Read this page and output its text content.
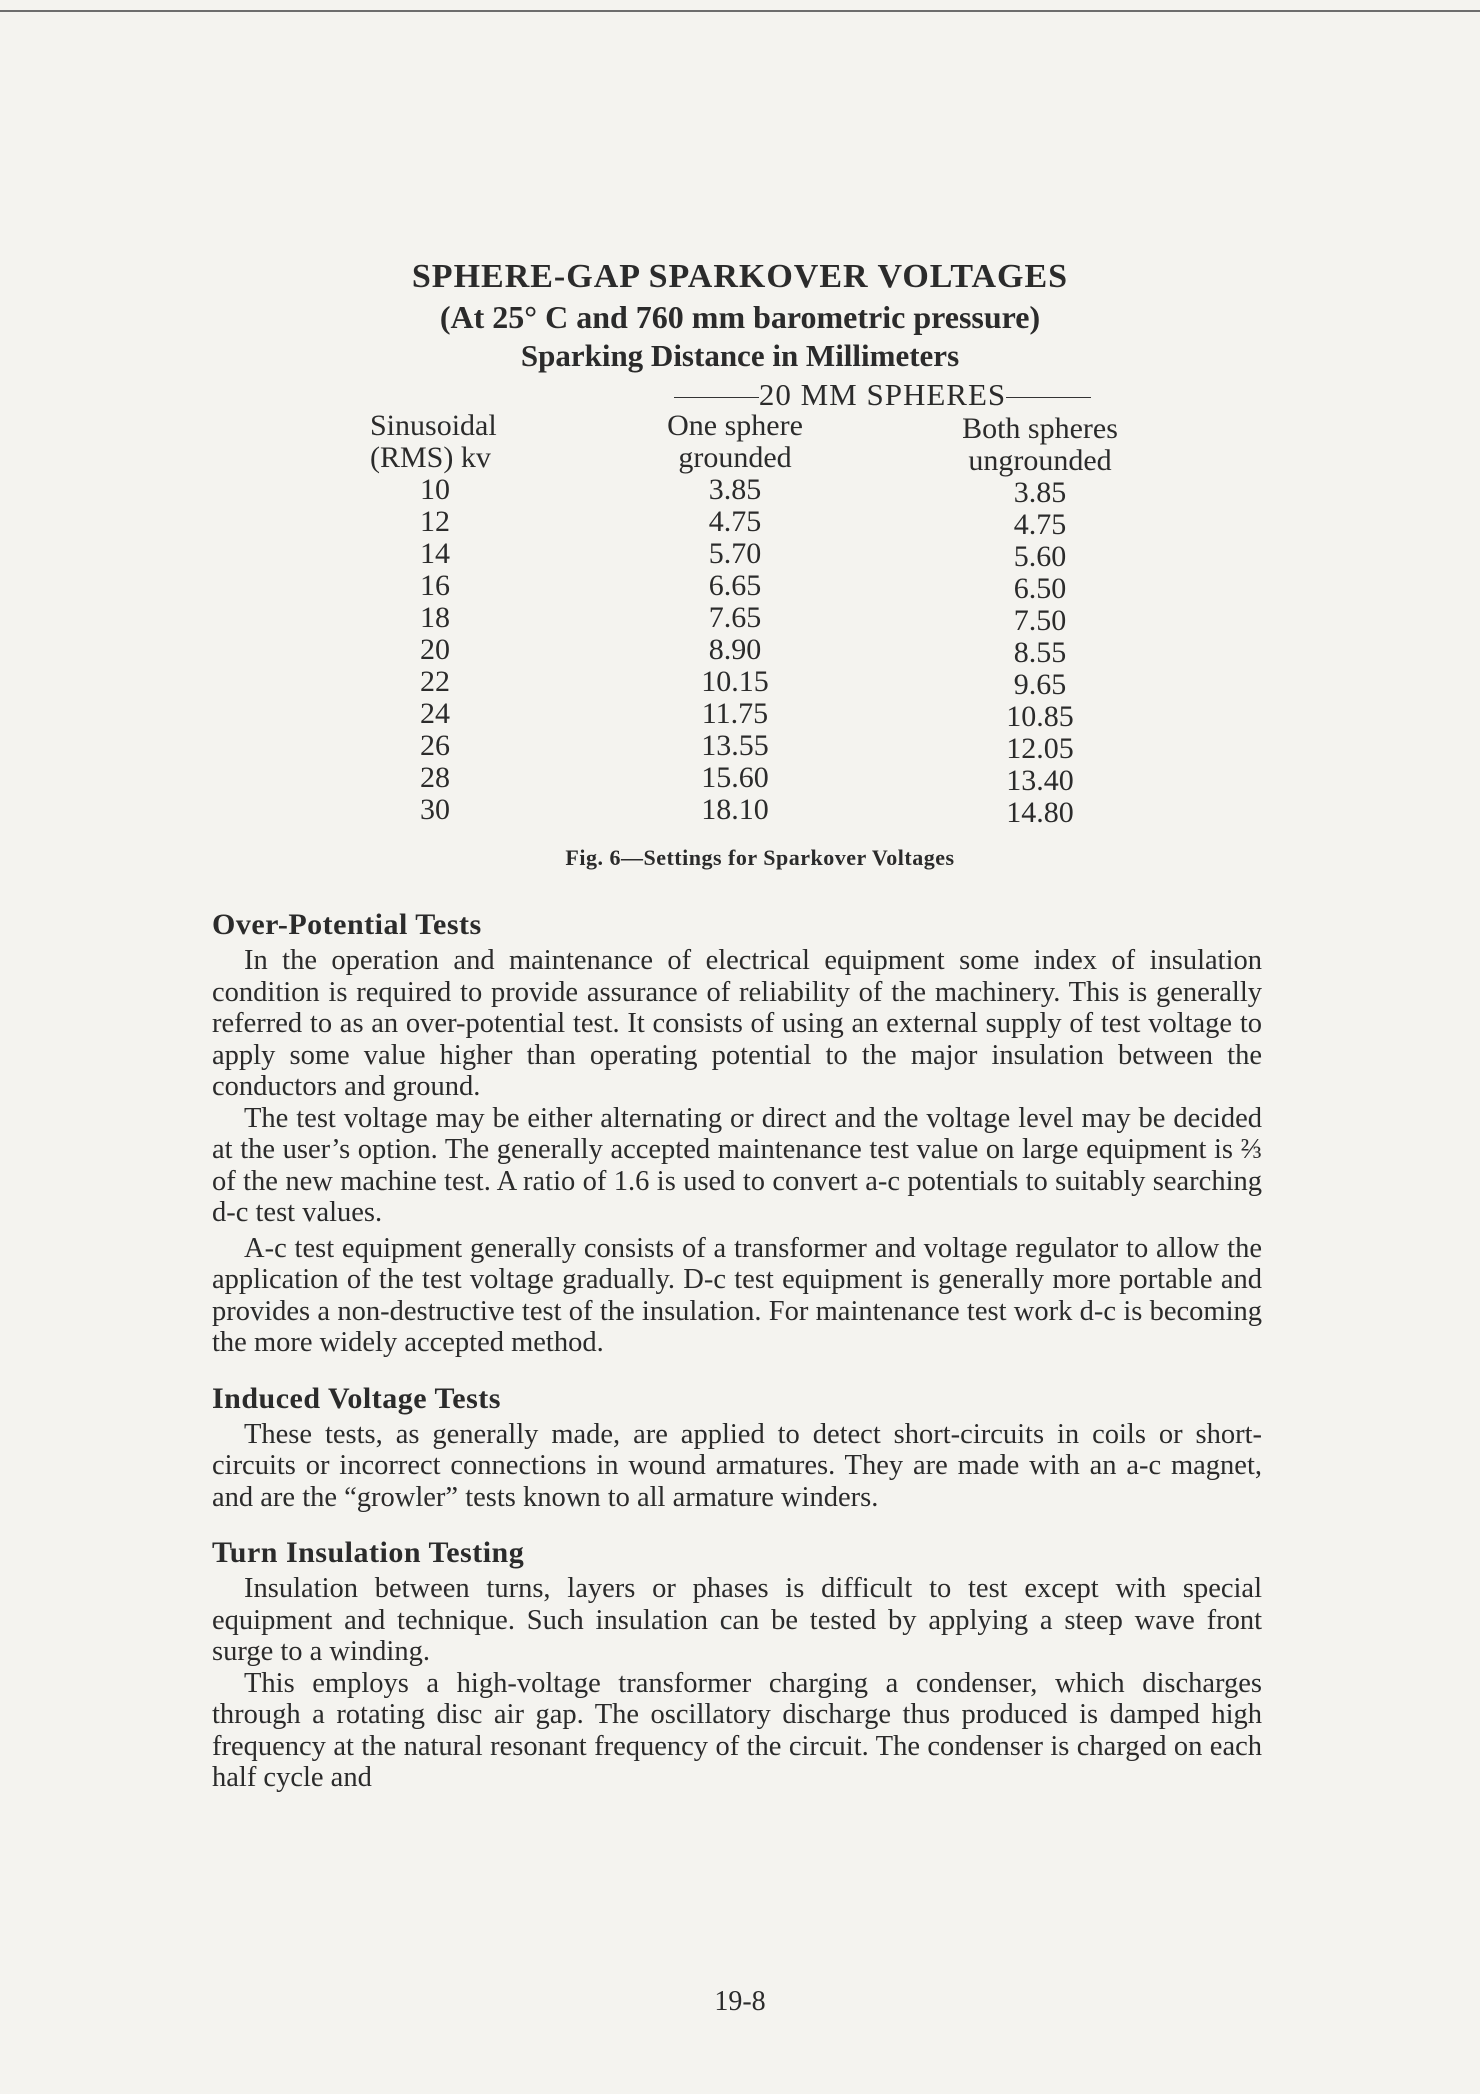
SPHERE-GAP SPARKOVER VOLTAGES
(At 25° C and 760 mm barometric pressure)
Sparking Distance in Millimeters
20 MM SPHERES
Sinusoidal
(RMS) kv
10
12
14
16
18
20
22
24
26
28
30
One sphere
grounded
3.85
4.75
5.70
6.65
7.65
8.90
10.15
11.75
13.55
15.60
18.10
Both spheres
ungrounded
3.85
4.75
5.60
6.50
7.50
8.55
9.65
10.85
12.05
13.40
14.80
Fig. 6—Settings for Sparkover Voltages
Over-Potential Tests

In the operation and maintenance of electrical equipment some index of insulation condition is required to provide assurance of reliability of the machinery. This is generally referred to as an over-potential test. It consists of using an external supply of test voltage to apply some value higher than operating potential to the major insulation between the conductors and ground.

The test voltage may be either alternating or direct and the voltage level may be decided at the user’s option. The generally accepted maintenance test value on large equipment is ⅔ of the new machine test. A ratio of 1.6 is used to convert a-c potentials to suitably searching d-c test values.

A-c test equipment generally consists of a transformer and voltage regulator to allow the application of the test voltage gradually. D-c test equipment is generally more portable and provides a non-destructive test of the insulation. For maintenance test work d-c is becoming the more widely accepted method.

Induced Voltage Tests

These tests, as generally made, are applied to detect short-circuits in coils or short-circuits or incorrect connections in wound armatures. They are made with an a-c magnet, and are the “growler” tests known to all armature winders.

Turn Insulation Testing

Insulation between turns, layers or phases is difficult to test except with special equipment and technique. Such insulation can be tested by applying a steep wave front surge to a winding.

This employs a high-voltage transformer charging a condenser, which discharges through a rotating disc air gap. The oscillatory discharge thus produced is damped high frequency at the natural resonant frequency of the circuit. The condenser is charged on each half cycle and

19-8
